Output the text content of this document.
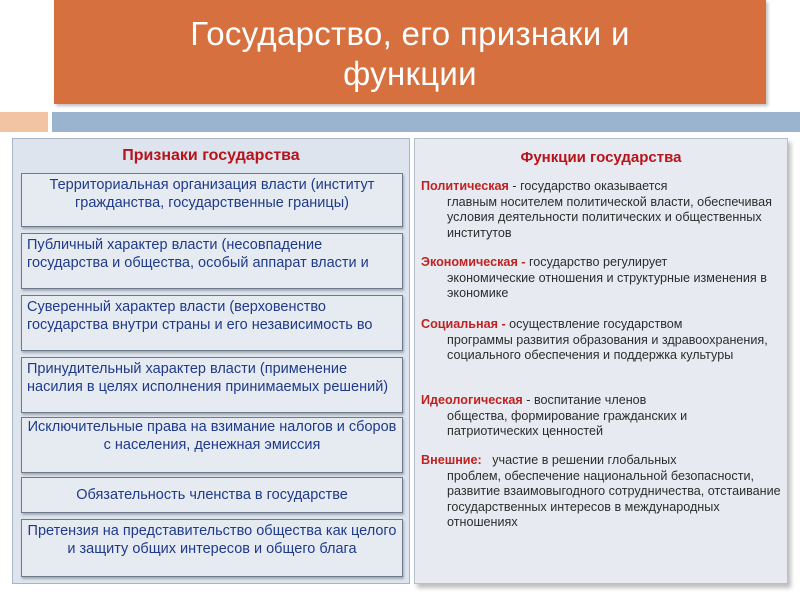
Государство, его признаки и
функции
Признаки государства
Территориальная организация власти (институт гражданства, государственные границы)
Публичный характер власти (несовпадение государства и общества, особый аппарат власти и
Суверенный характер власти (верховенство государства внутри страны и его независимость во
Принудительный характер власти (применение насилия в целях исполнения принимаемых решений)
Исключительные права на взимание налогов и сборов с населения, денежная эмиссия
Обязательность членства в государстве
Претензия на представительство общества как целого и защиту общих интересов и общего блага
Функции государства
Политическая - государство оказывается
главным носителем политической власти, обеспечивая условия деятельности политических и общественных институтов
Экономическая - государство регулирует
экономические отношения и структурные изменения в экономике
Социальная - осуществление государством
программы развития образования и здравоохранения, социального обеспечения и поддержка культуры
Идеологическая - воспитание членов
общества, формирование гражданских и патриотических ценностей
Внешние: участие в решении глобальных
проблем, обеспечение национальной безопасности, развитие взаимовыгодного сотрудничества, отстаивание государственных интересов в международных отношениях
